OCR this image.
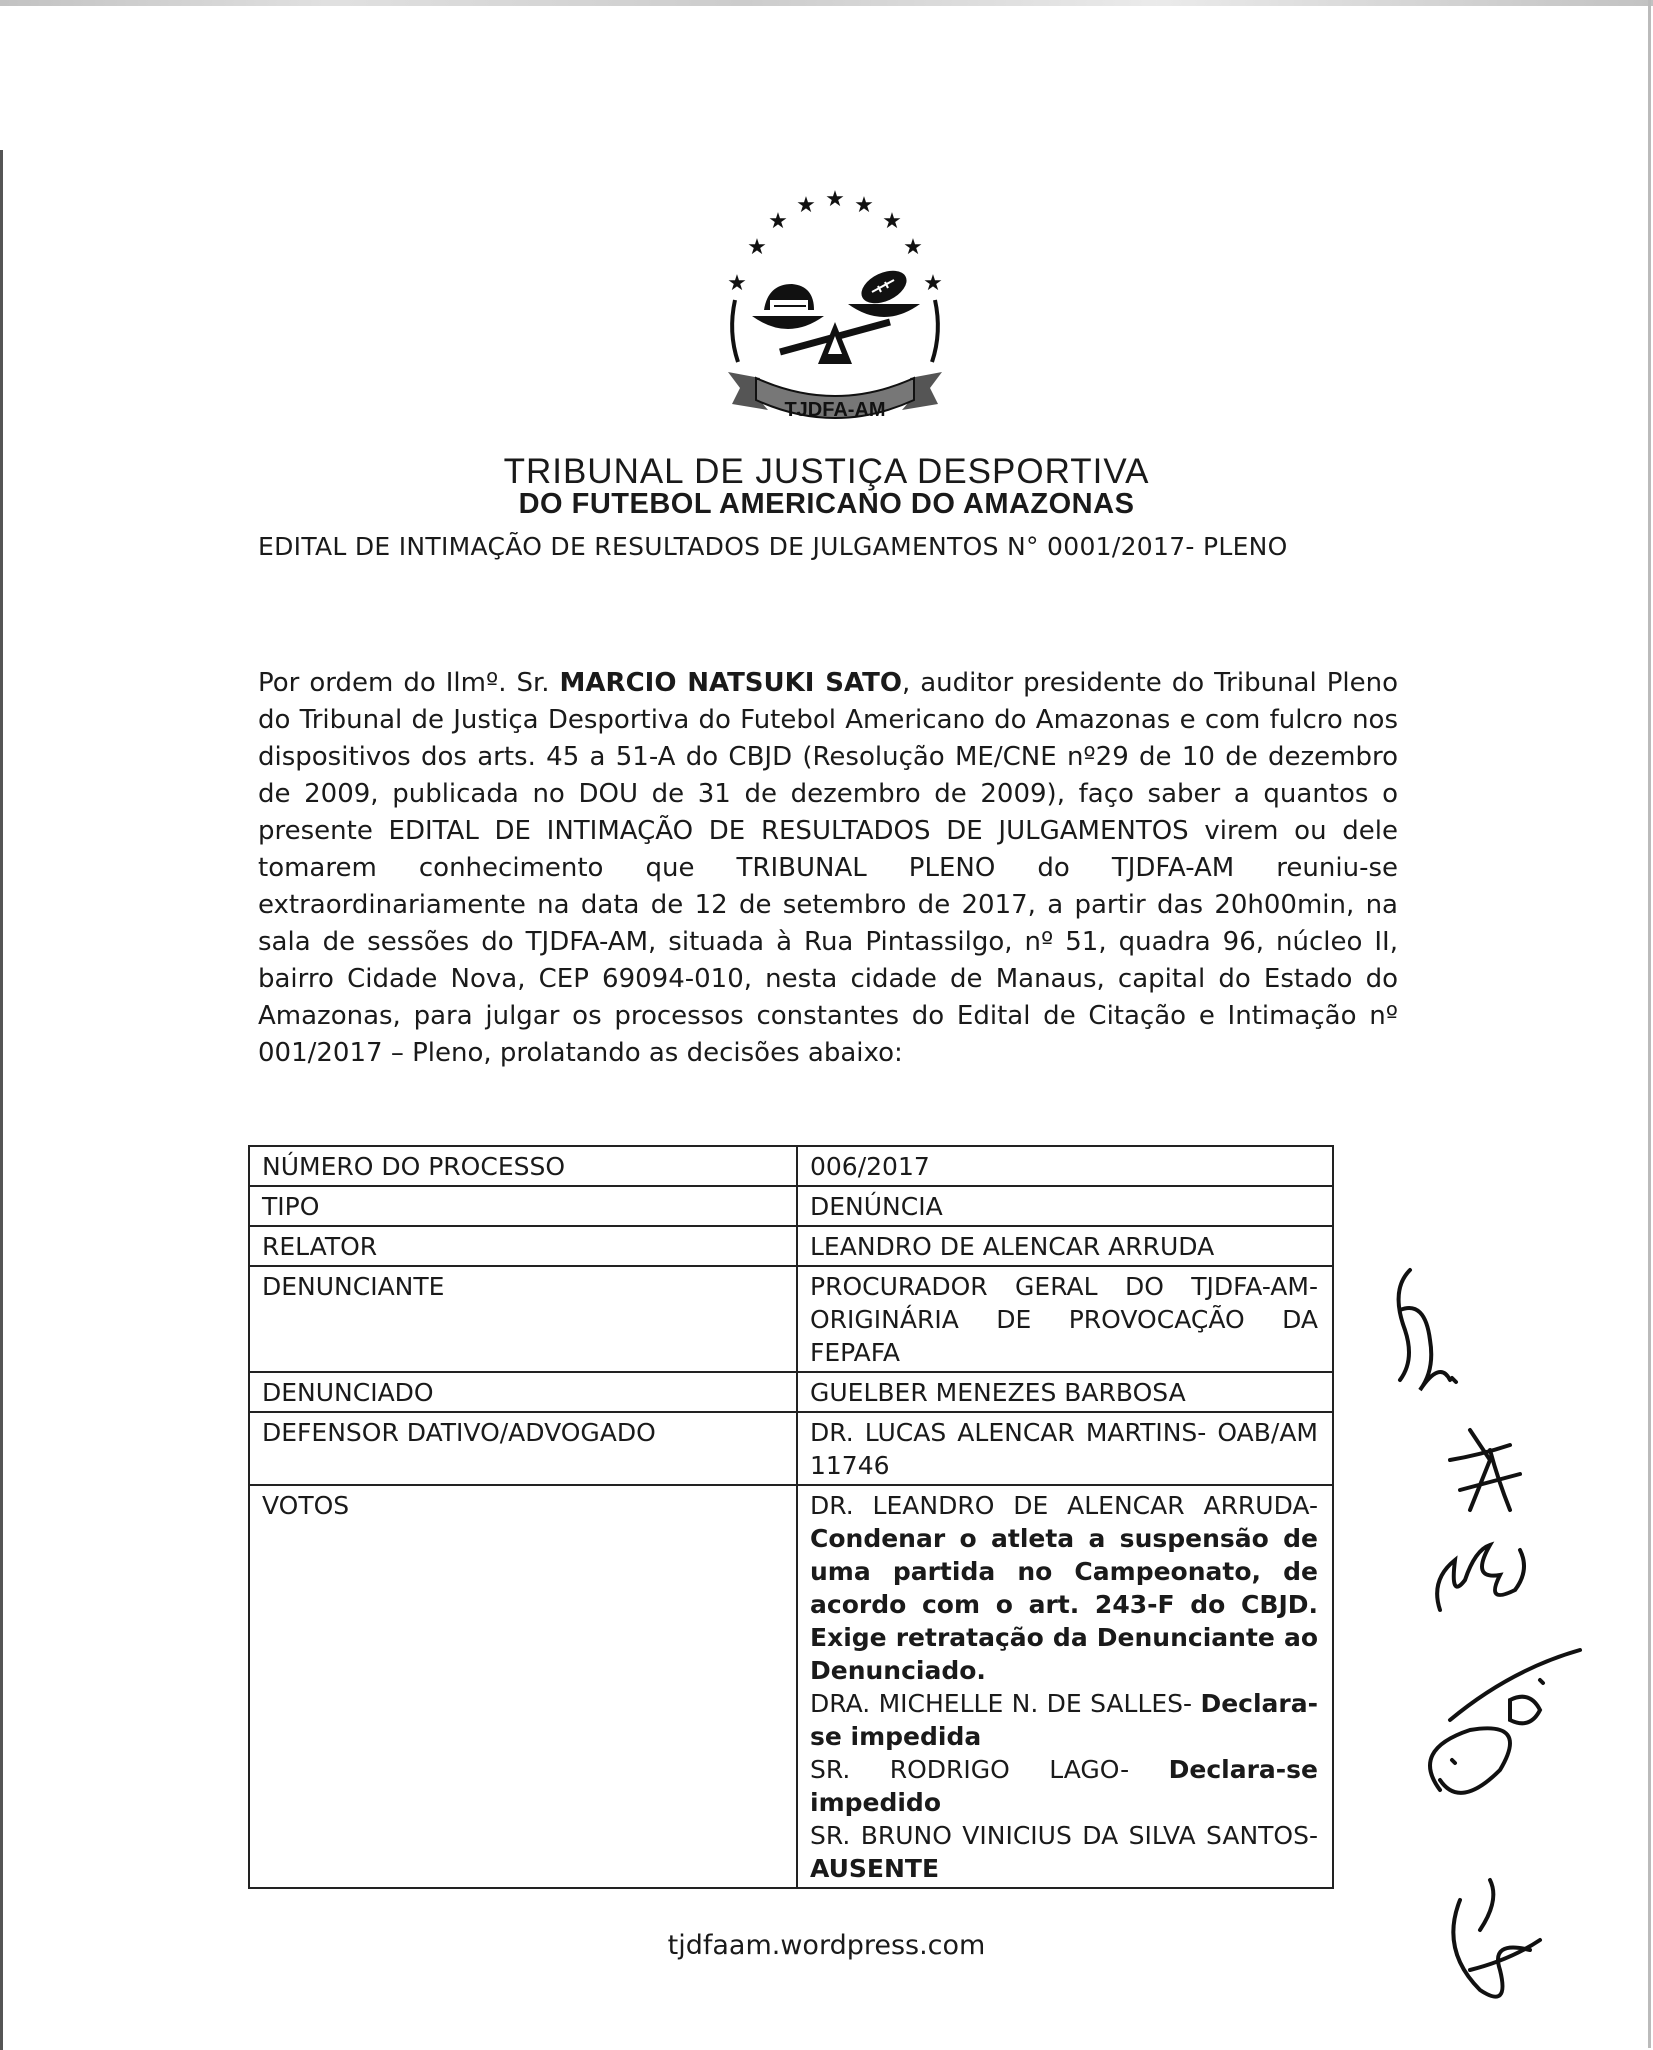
★
★
★
★ ★ ★
★
★
★
TJDFA-AM
TRIBUNAL DE JUSTIÇA DESPORTIVA
DO FUTEBOL AMERICANO DO AMAZONAS
EDITAL DE INTIMAÇÃO DE RESULTADOS DE JULGAMENTOS N° 0001/2017- PLENO
Por ordem do Ilmº. Sr. MARCIO NATSUKI SATO, auditor presidente do Tribunal Pleno do Tribunal de Justiça Desportiva do Futebol Americano do Amazonas e com fulcro nos dispositivos dos arts. 45 a 51-A do CBJD (Resolução ME/CNE nº29 de 10 de dezembro de 2009, publicada no DOU de 31 de dezembro de 2009), faço saber a quantos o presente EDITAL DE INTIMAÇÃO DE RESULTADOS DE JULGAMENTOS virem ou dele tomarem conhecimento que TRIBUNAL PLENO do TJDFA-AM reuniu-se extraordinariamente na data de 12 de setembro de 2017, a partir das 20h00min, na sala de sessões do TJDFA-AM, situada à Rua Pintassilgo, nº 51, quadra 96, núcleo II, bairro Cidade Nova, CEP 69094-010, nesta cidade de Manaus, capital do Estado do Amazonas, para julgar os processos constantes do Edital de Citação e Intimação nº 001/2017 – Pleno, prolatando as decisões abaixo:
NÚMERO DO PROCESSO	006/2017
TIPO	DENÚNCIA
RELATOR	LEANDRO DE ALENCAR ARRUDA
DENUNCIANTE	PROCURADOR GERAL DO TJDFA-AM-ORIGINÁRIA DE PROVOCAÇÃO DA FEPAFA
DENUNCIADO	GUELBER MENEZES BARBOSA
DEFENSOR DATIVO/ADVOGADO	DR. LUCAS ALENCAR MARTINS- OAB/AM 11746
VOTOS	DR. LEANDRO DE ALENCAR ARRUDA- Condenar o atleta a suspensão de uma partida no Campeonato, de acordo com o art. 243-F do CBJD. Exige retratação da Denunciante ao Denunciado.

DRA. MICHELLE N. DE SALLES- Declara-se impedida

SR. RODRIGO LAGO- Declara-se impedido

SR. BRUNO VINICIUS DA SILVA SANTOS- AUSENTE

tjdfaam.wordpress.com
